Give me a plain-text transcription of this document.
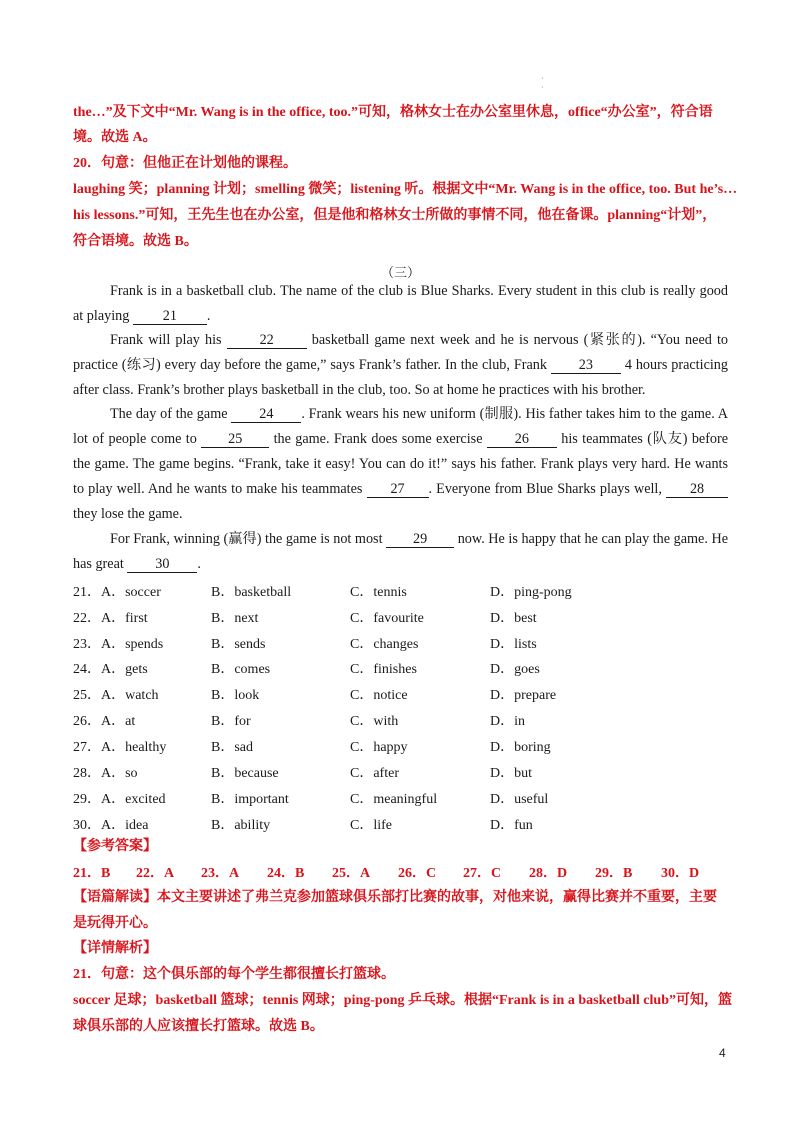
·
·
the…”及下文中“Mr. Wang is in the office, too.”可知，格林女士在办公室里休息，office“办公室”，符合语
境。故选 A。
20．句意：但他正在计划他的课程。
laughing 笑；planning 计划；smelling 微笑；listening 听。根据文中“Mr. Wang is in the office, too. But he’s…
his lessons.”可知，王先生也在办公室，但是他和格林女士所做的事情不同，他在备课。planning“计划”，
符合语境。故选 B。
（三）
Frank is in a basketball club. The name of the club is Blue Sharks. Every student in this club is really good at playing 21 .
Frank will play his	22	basketball game next week and he is nervous (紧张的). “You need to practice (练习) every day before the game,” says Frank’s father. In the club, Frank 23 4 hours practicing after class. Frank’s brother plays basketball in the club, too. So at home he practices with his brother.
The day of the game 24 . Frank wears his new uniform (制服). His father takes him to the game. A lot of people come to 25 the game. Frank does some exercise 26 his teammates (队友) before the game. The game begins. “Frank, take it easy! You can do it!” says his father. Frank plays very hard. He wants to play well. And he wants to make his teammates 27 . Everyone from Blue Sharks plays well, 28 they lose the game.
For Frank, winning (赢得) the game is not most 29 now. He is happy that he can play the game. He has great 30 .
21． A．soccer	B．basketball	C．tennis	D．ping-pong
22． A．first	B．next	C．favourite	D．best
23． A．spends	B．sends	C．changes	D．lists
24． A．gets	B．comes	C．finishes	D．goes
25． A．watch	B．look	C．notice	D．prepare
26． A．at	B．for	C．with	D．in
27． A．healthy	B．sad	C．happy	D．boring
28． A．so	B．because	C．after	D．but
29． A．excited	B．important	C．meaningful	D．useful
30． A．idea	B．ability	C．life	D．fun
【参考答案】
21．B 22．A 23．A 24．B 25．A 26．C 27．C 28．D 29．B 30．D
【语篇解读】本文主要讲述了弗兰克参加篮球俱乐部打比赛的故事，对他来说，赢得比赛并不重要，主要
是玩得开心。
【详情解析】
21．句意：这个俱乐部的每个学生都很擅长打篮球。
soccer 足球；basketball 篮球；tennis 网球；ping-pong 乒乓球。根据“Frank is in a basketball club”可知，篮
球俱乐部的人应该擅长打篮球。故选 B。
4
